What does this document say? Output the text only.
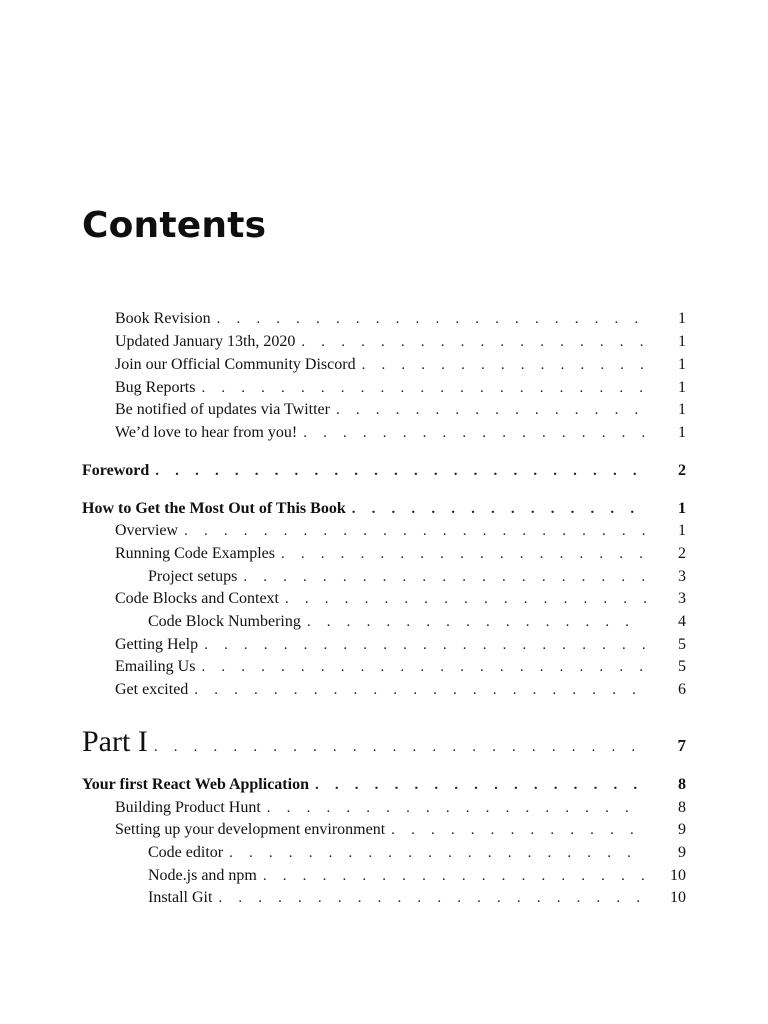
Contents
Book Revision . . .	1
Updated January 13th, 2020 . . .	1
Join our Official Community Discord . . .	1
Bug Reports . . .	1
Be notified of updates via Twitter . . .	1
We’d love to hear from you! . . .	1
Foreword . . .	2
How to Get the Most Out of This Book . . .	1
Overview . . .	1
Running Code Examples . . .	2
Project setups . . .	3
Code Blocks and Context . . .	3
Code Block Numbering . . .	4
Getting Help . . .	5
Emailing Us . . .	5
Get excited . . .	6
Part I . . .	7
Your first React Web Application . . .	8
Building Product Hunt . . .	8
Setting up your development environment . . .	9
Code editor . . .	9
Node.js and npm . . .	10
Install Git . . .	10
